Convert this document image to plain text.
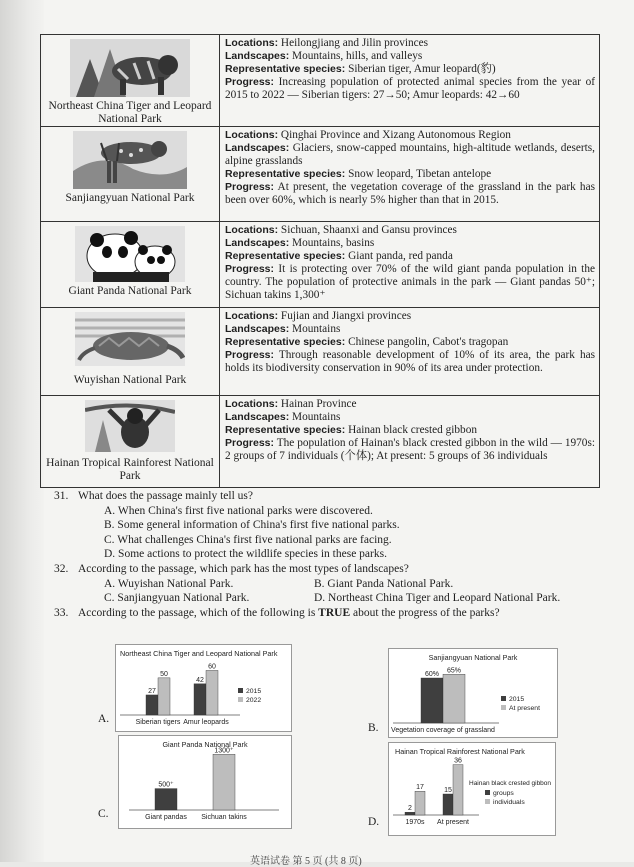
Northeast China Tiger and Leopard National Park	Locations: Heilongjiang and Jilin provinces

Landscapes: Mountains, hills, and valleys

Representative species: Siberian tiger, Amur leopard(豹)

Progress: Increasing population of protected animal species from the year of 2015 to 2022 — Siberian tigers: 27→50; Amur leopards: 42→60

Sanjiangyuan National Park	Locations: Qinghai Province and Xizang Autonomous Region

Landscapes: Glaciers, snow-capped mountains, high-altitude wetlands, deserts, alpine grasslands

Representative species: Snow leopard, Tibetan antelope

Progress: At present, the vegetation coverage of the grassland in the park has been over 60%, which is nearly 5% higher than that in 2015.

Giant Panda National Park	Locations: Sichuan, Shaanxi and Gansu provinces

Landscapes: Mountains, basins

Representative species: Giant panda, red panda

Progress: It is protecting over 70% of the wild giant panda population in the country. The population of protective animals in the park — Giant pandas 50⁺; Sichuan takins 1,300⁺

Wuyishan National Park	Locations: Fujian and Jiangxi provinces

Landscapes: Mountains

Representative species: Chinese pangolin, Cabot's tragopan

Progress: Through reasonable development of 10% of its area, the park has holds its biodiversity conservation in 90% of its area under protection.

Hainan Tropical Rainforest National Park	Locations: Hainan Province

Landscapes: Mountains

Representative species: Hainan black crested gibbon

Progress: The population of Hainan's black crested gibbon in the wild — 1970s: 2 groups of 7 individuals (个体); At present: 5 groups of 36 individuals

31. What does the passage mainly tell us?

A. When China's first five national parks were discovered.

B. Some general information of China's first five national parks.

C. What challenges China's first five national parks are facing.

D. Some actions to protect the wildlife species in these parks.

32. According to the passage, which park has the most types of landscapes?

A. Wuyishan National Park.	B. Giant Panda National Park.
C. Sanjiangyuan National Park.	D. Northeast China Tiger and Leopard National Park.

33. According to the passage, which of the following is TRUE about the progress of the parks?

A.
Northeast China Tiger and Leopard National Park
27
50
Siberian tigers
42
60
Amur leopards
2015
2022
B.
Sanjiangyuan National Park
60%
65%
Vegetation coverage of grassland
2015
At present
C.
Giant Panda National Park
500⁺
Giant pandas
1300⁺
Sichuan takins	D.
Hainan Tropical Rainforest National Park
2
17
1970s
15
36
At present
Hainan black crested gibbon
groups
individuals
英语试卷 第 5 页 (共 8 页)
